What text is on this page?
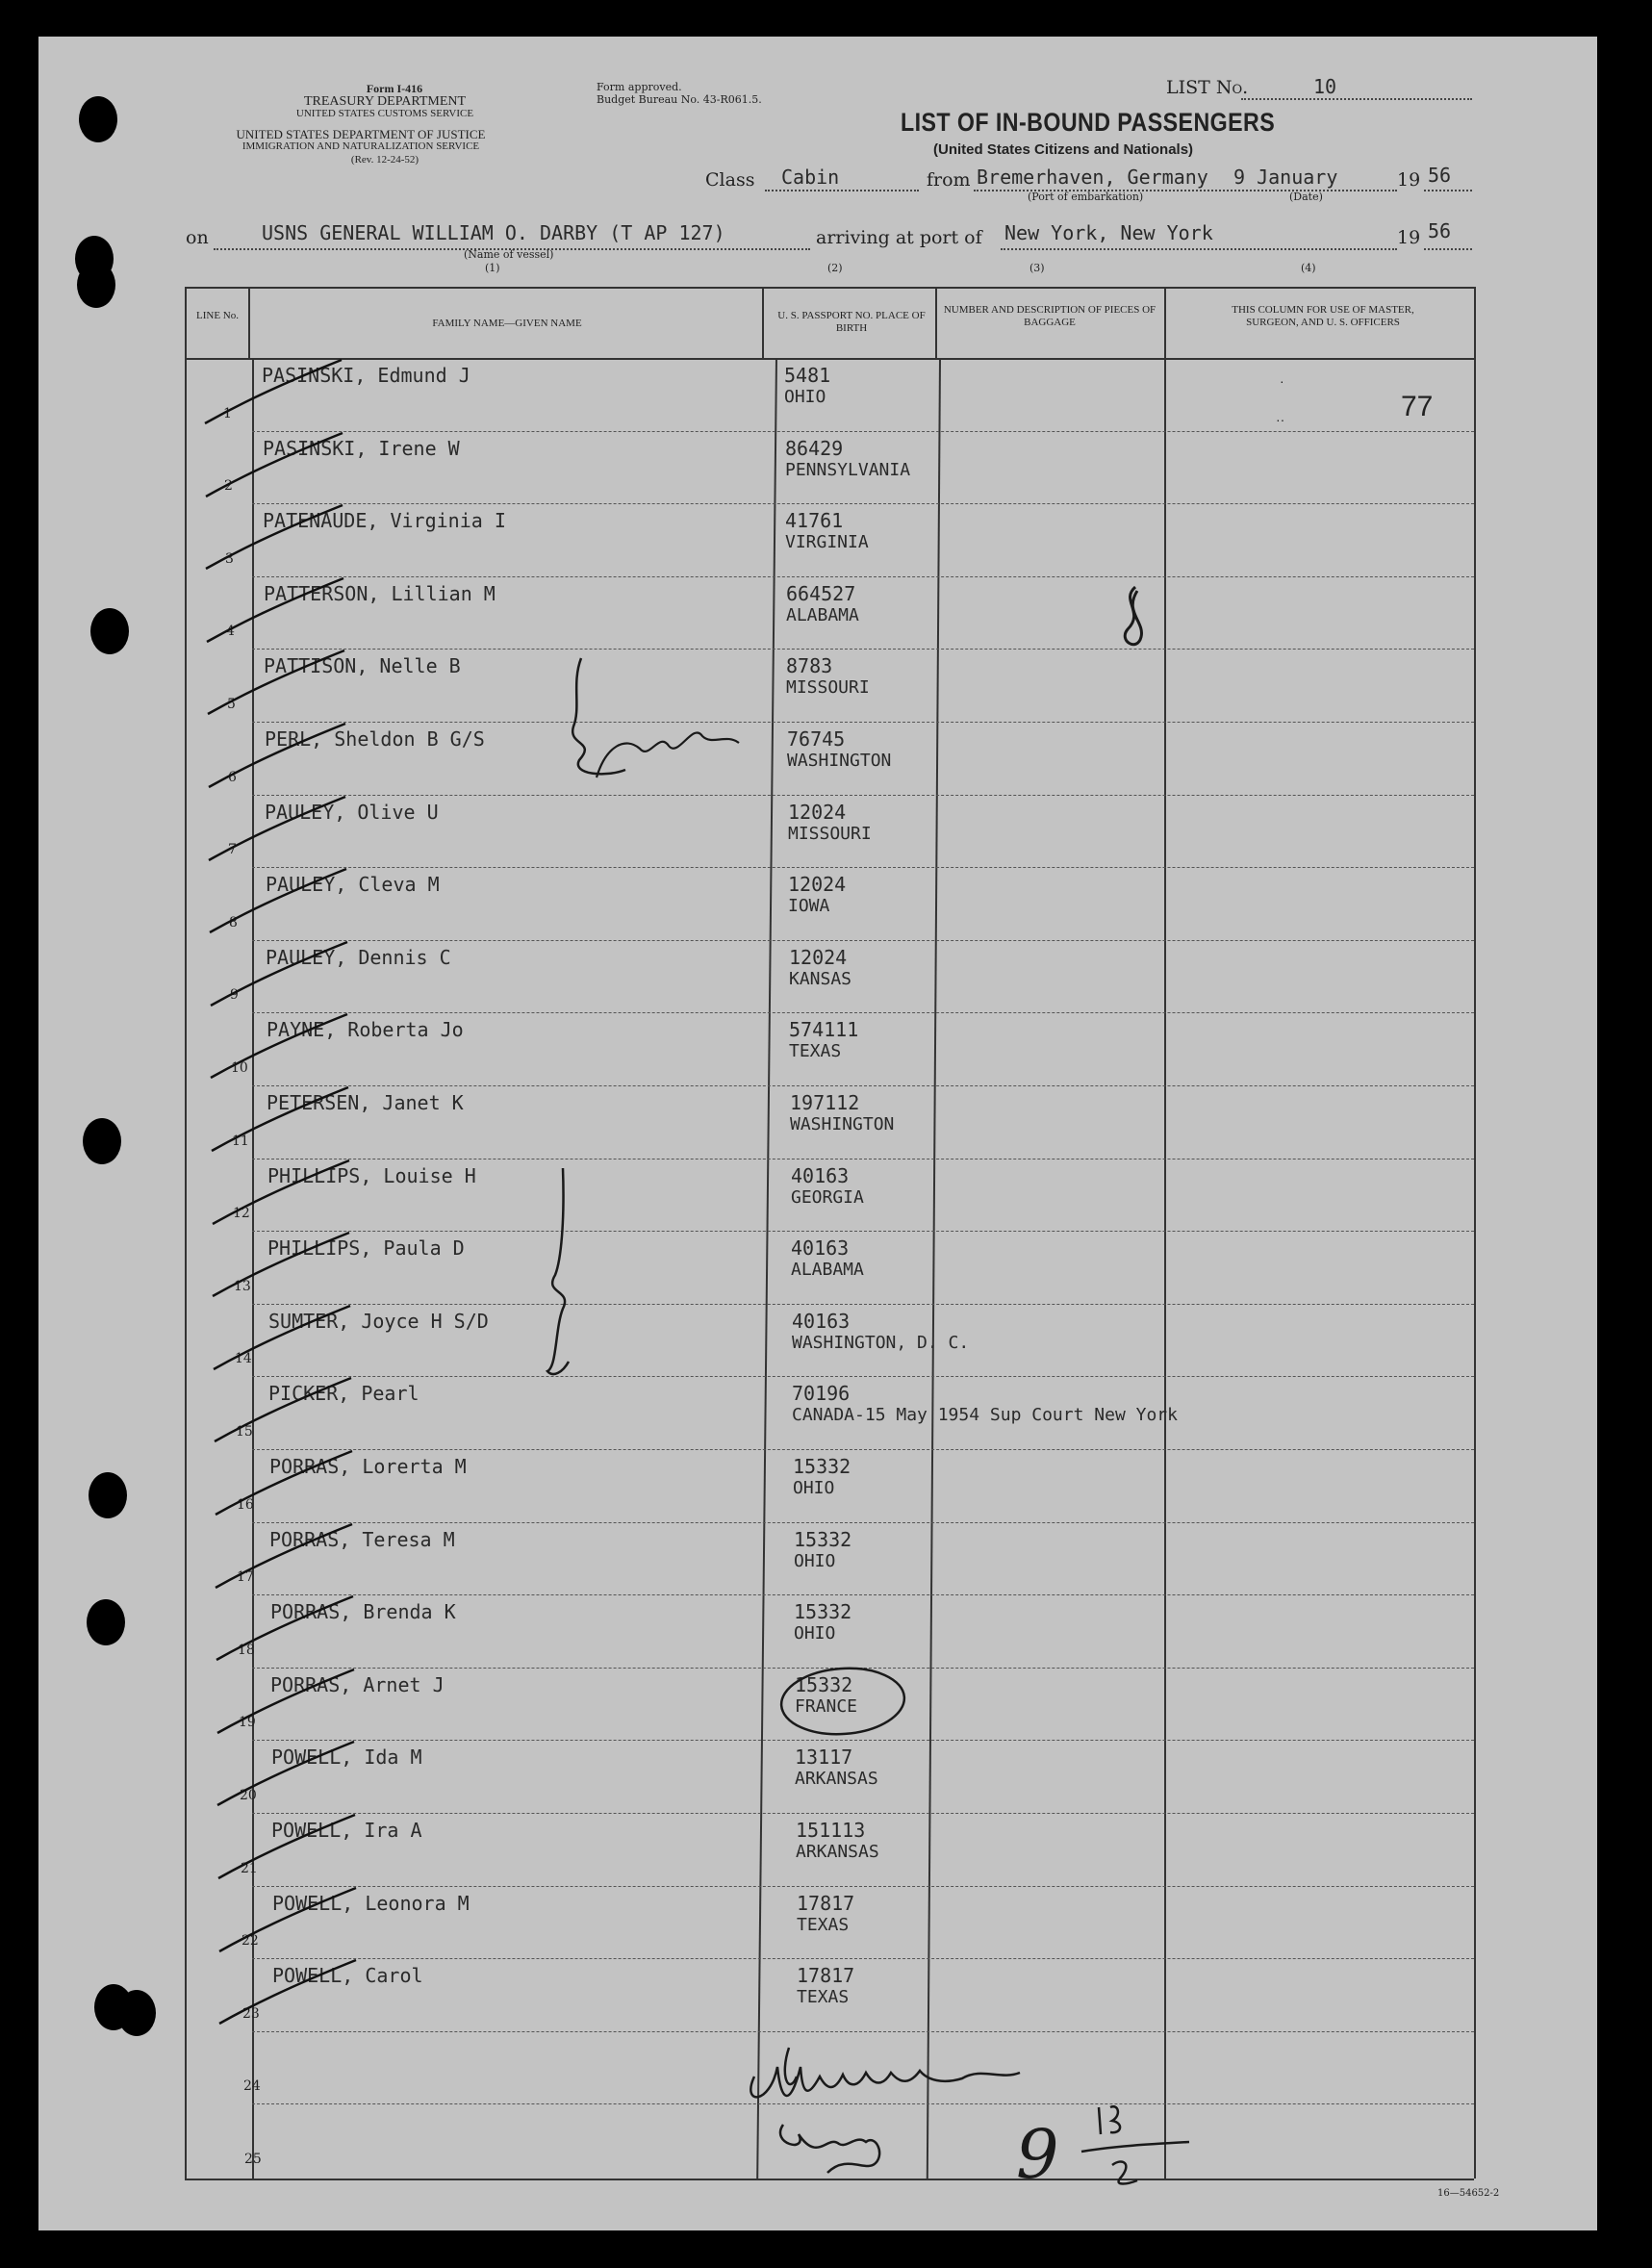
Form I-416
TREASURY DEPARTMENT
UNITED STATES CUSTOMS SERVICE
UNITED STATES DEPARTMENT OF JUSTICE
IMMIGRATION AND NATURALIZATION SERVICE
(Rev. 12-24-52)
Form approved.
Budget Bureau No. 43-R061.5.
LIST No.	10
LIST OF IN-BOUND PASSENGERS
(United States Citizens and Nationals)
Class Cabin	from Bremerhaven, Germany 9 January
(Port of embarkation)	(Date)
19 56
on	USNS GENERAL WILLIAM O. DARBY (T AP 127)
(Name of vessel)
arriving at port of New York, New York	19 56
(1)	(2)	(3)	(4)
LINE No.
FAMILY NAME—GIVEN NAME
U. S. PASSPORT NO. PLACE OF BIRTH
NUMBER AND DESCRIPTION OF PIECES OF BAGGAGE
THIS COLUMN FOR USE OF MASTER, SURGEON, AND U. S. OFFICERS
1
PASINSKI, Edmund J	5481
OHIO
2
PASINSKI, Irene W	86429
PENNSYLVANIA
3
PATENAUDE, Virginia I	41761
VIRGINIA
4
PATTERSON, Lillian M	664527
ALABAMA
5
PATTISON, Nelle B	8783
MISSOURI
6
PERL, Sheldon B G/S	76745
WASHINGTON
7
PAULEY, Olive U	12024
MISSOURI
8
PAULEY, Cleva M	12024
IOWA
9
PAULEY, Dennis C	12024
KANSAS
10
PAYNE, Roberta Jo	574111
TEXAS
11
PETERSEN, Janet K	197112
WASHINGTON
12
PHILLIPS, Louise H	40163
GEORGIA
13
PHILLIPS, Paula D	40163
ALABAMA
14
SUMTER, Joyce H S/D	40163
WASHINGTON, D. C.
15
PICKER, Pearl	70196
CANADA-15 May 1954 Sup Court New York
16
PORRAS, Lorerta M	15332
OHIO
17
PORRAS, Teresa M	15332
OHIO
18
PORRAS, Brenda K	15332
OHIO
19
PORRAS, Arnet J	15332
FRANCE
20
POWELL, Ida M	13117
ARKANSAS
21
POWELL, Ira A	151113
ARKANSAS
22
POWELL, Leonora M	17817
TEXAS
23
POWELL, Carol	17817
TEXAS
24
25
77
·
··
9	16—54652-2
